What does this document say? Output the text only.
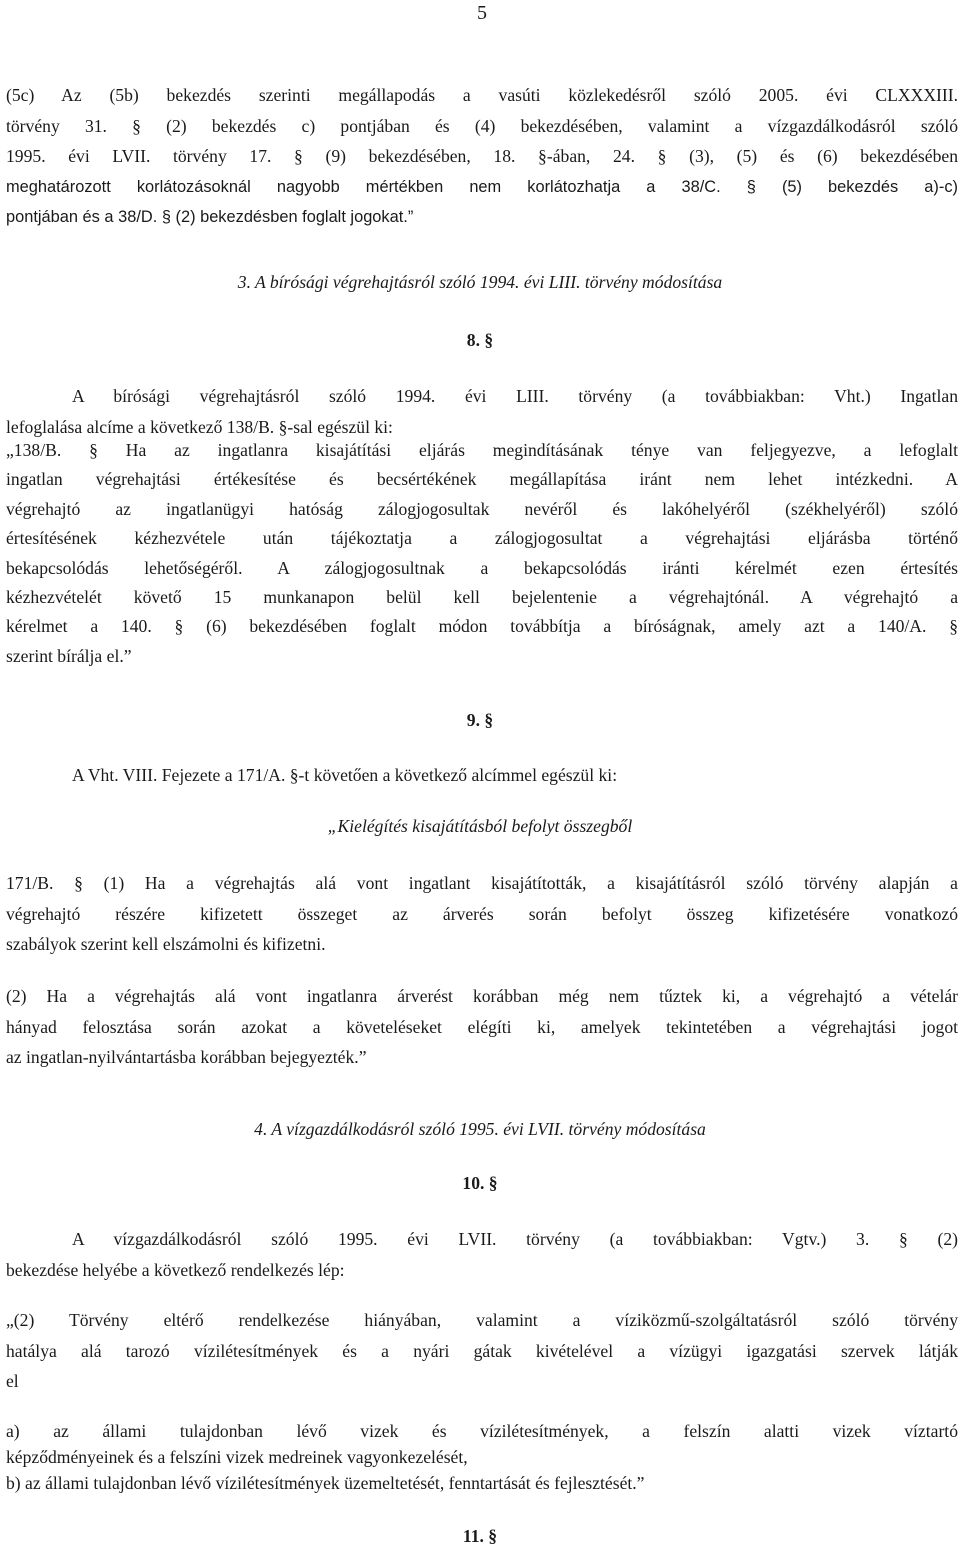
5
(5c) Az (5b) bekezdés szerinti megállapodás a vasúti közlekedésről szóló 2005. évi CLXXXIII.
törvény 31. § (2) bekezdés c) pontjában és (4) bekezdésében, valamint a vízgazdálkodásról szóló
1995. évi LVII. törvény 17. § (9) bekezdésében, 18. §-ában, 24. § (3), (5) és (6) bekezdésében
meghatározott korlátozásoknál nagyobb mértékben nem korlátozhatja a 38/C. § (5) bekezdés a)-c)
pontjában és a 38/D. § (2) bekezdésben foglalt jogokat.”
3. A bírósági végrehajtásról szóló 1994. évi LIII. törvény módosítása
8. §
A bírósági végrehajtásról szóló 1994. évi LIII. törvény (a továbbiakban: Vht.) Ingatlan
lefoglalása alcíme a következő 138/B. §-sal egészül ki:
„138/B. § Ha az ingatlanra kisajátítási eljárás megindításának ténye van feljegyezve, a lefoglalt
ingatlan végrehajtási értékesítése és becsértékének megállapítása iránt nem lehet intézkedni. A
végrehajtó az ingatlanügyi hatóság zálogjogosultak nevéről és lakóhelyéről (székhelyéről) szóló
értesítésének kézhezvétele után tájékoztatja a zálogjogosultat a végrehajtási eljárásba történő
bekapcsolódás lehetőségéről. A zálogjogosultnak a bekapcsolódás iránti kérelmét ezen értesítés
kézhezvételét követő 15 munkanapon belül kell bejelentenie a végrehajtónál. A végrehajtó a
kérelmet a 140. § (6) bekezdésében foglalt módon továbbítja a bíróságnak, amely azt a 140/A. §
szerint bírálja el.”
9. §
A Vht. VIII. Fejezete a 171/A. §-t követően a következő alcímmel egészül ki:
„Kielégítés kisajátításból befolyt összegből
171/B. § (1) Ha a végrehajtás alá vont ingatlant kisajátították, a kisajátításról szóló törvény alapján a
végrehajtó részére kifizetett összeget az árverés során befolyt összeg kifizetésére vonatkozó
szabályok szerint kell elszámolni és kifizetni.
(2) Ha a végrehajtás alá vont ingatlanra árverést korábban még nem tűztek ki, a végrehajtó a vételár
hányad felosztása során azokat a követeléseket elégíti ki, amelyek tekintetében a végrehajtási jogot
az ingatlan-nyilvántartásba korábban bejegyezték.”
4. A vízgazdálkodásról szóló 1995. évi LVII. törvény módosítása
10. §
A vízgazdálkodásról szóló 1995. évi LVII. törvény (a továbbiakban: Vgtv.) 3. § (2)
bekezdése helyébe a következő rendelkezés lép:
„(2) Törvény eltérő rendelkezése hiányában, valamint a víziközmű-szolgáltatásról szóló törvény
hatálya alá tarozó vízilétesítmények és a nyári gátak kivételével a vízügyi igazgatási szervek látják
el
a) az állami tulajdonban lévő vizek és vízilétesítmények, a felszín alatti vizek víztartó
képződményeinek és a felszíni vizek medreinek vagyonkezelését,
b) az állami tulajdonban lévő vízilétesítmények üzemeltetését, fenntartását és fejlesztését.”
11. §
